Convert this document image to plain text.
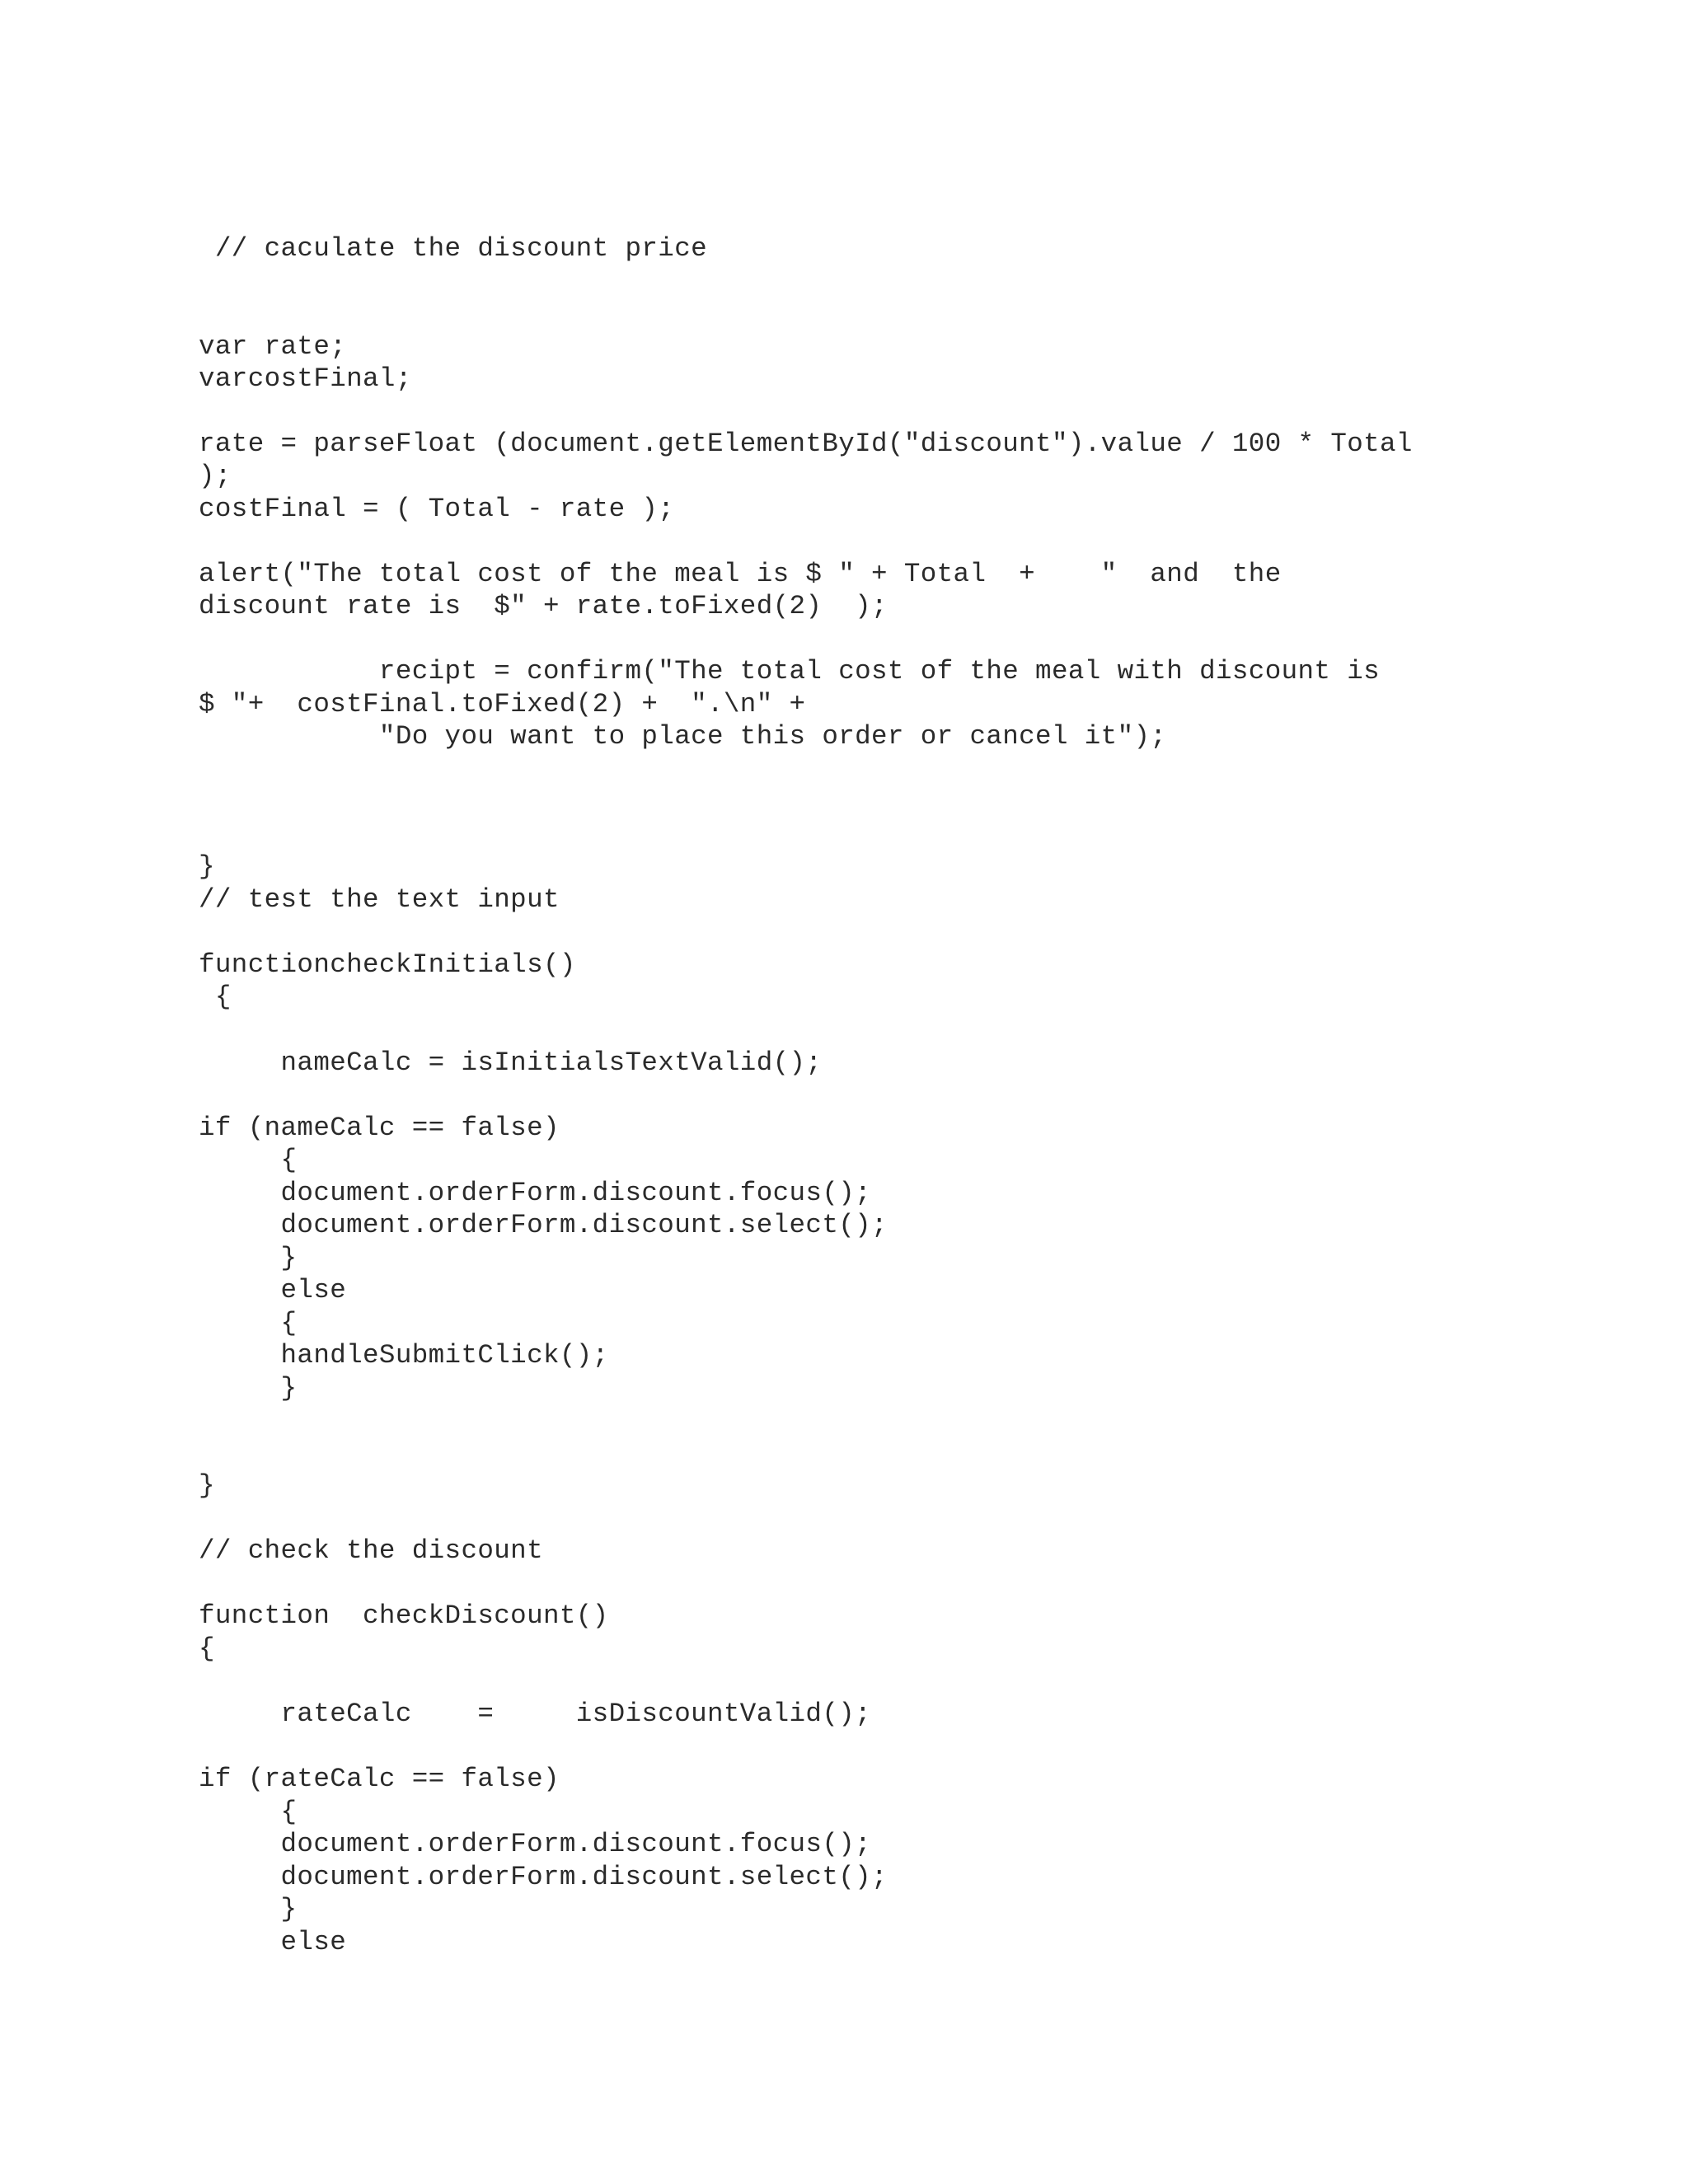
// caculate the discount price
var rate;
varcostFinal;
rate = parseFloat (document.getElementById("discount").value / 100 * Total
);
costFinal = ( Total - rate );
alert("The total cost of the meal is $ " + Total  +    "  and  the
discount rate is  $" + rate.toFixed(2)  );
recipt = confirm("The total cost of the meal with discount is
$ "+  costFinal.toFixed(2) +  ".\n" +
"Do you want to place this order or cancel it");
}
// test the text input
functioncheckInitials()
{
nameCalc = isInitialsTextValid();
if (nameCalc == false)
{
document.orderForm.discount.focus();
document.orderForm.discount.select();
}
else
{
handleSubmitClick();
}
}
// check the discount
function  checkDiscount()
{
rateCalc    =     isDiscountValid();
if (rateCalc == false)
{
document.orderForm.discount.focus();
document.orderForm.discount.select();
}
else
